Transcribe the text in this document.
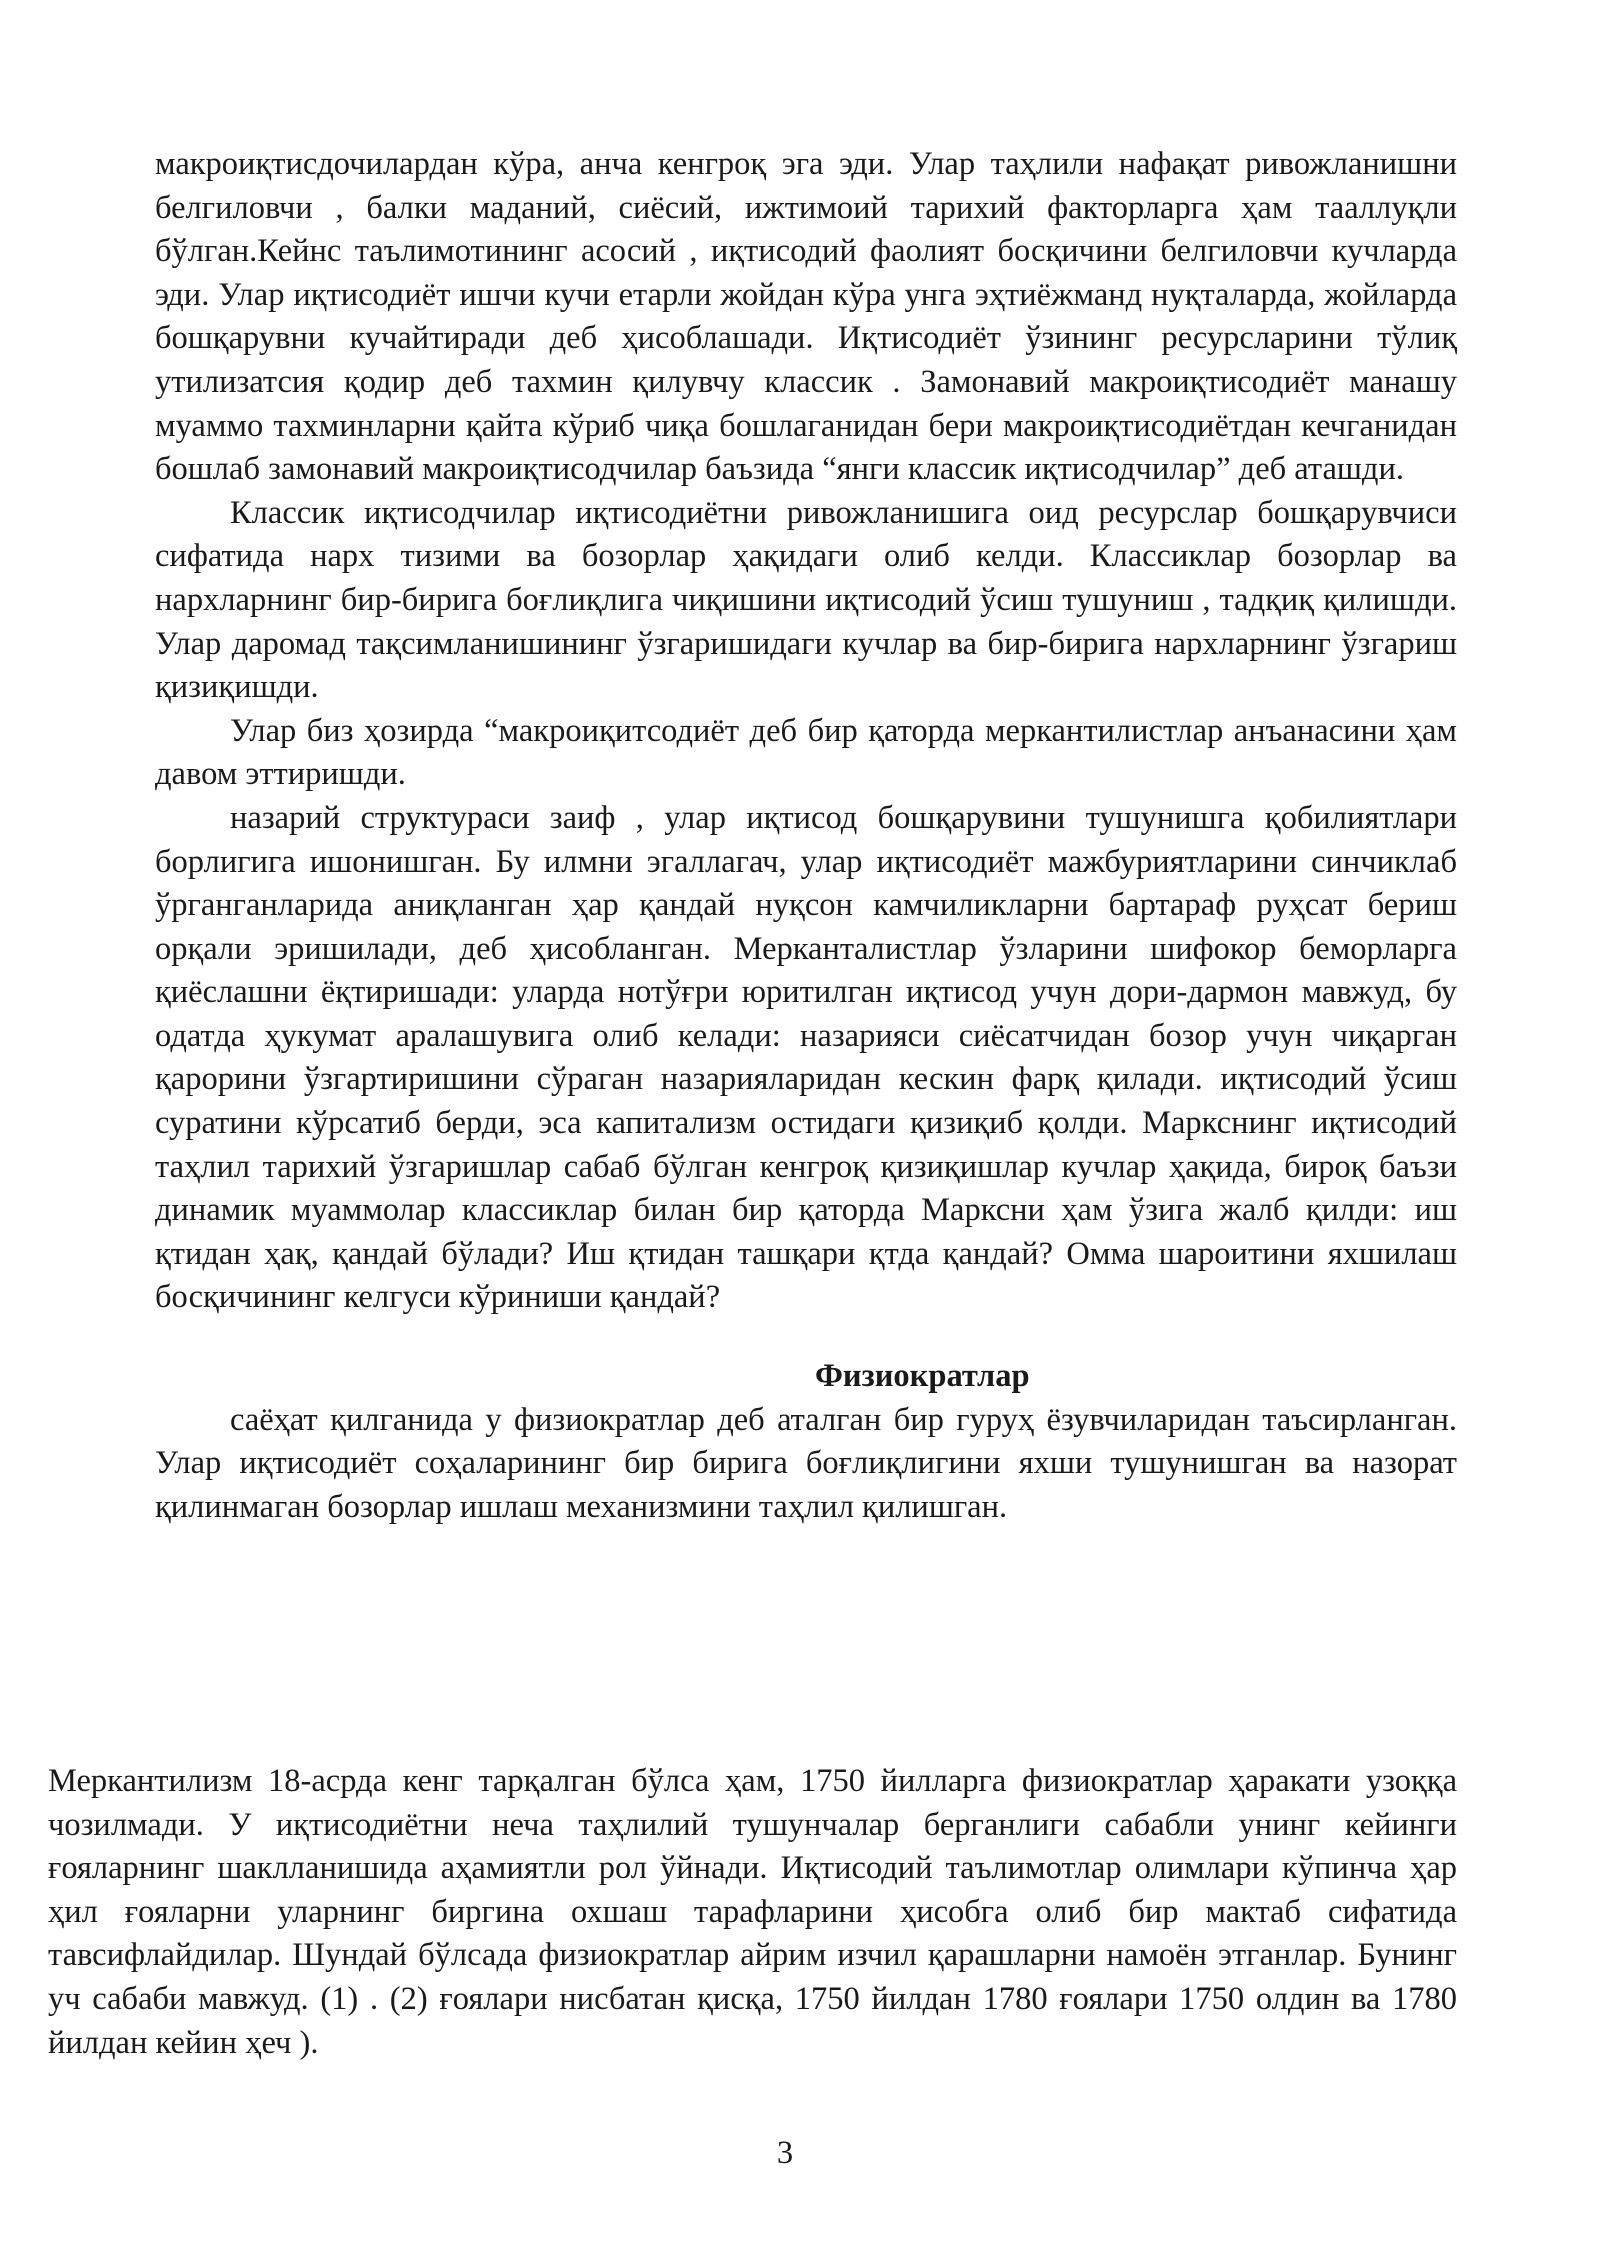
макроиқтисдочилардан кўра, анча кенгроқ эга эди. Улар таҳлили нафақат ривожланишни белгиловчи , балки маданий, сиёсий, ижтимоий тарихий факторларга ҳам тааллуқли бўлган.Кейнс таълимотининг асосий , иқтисодий фаолият босқичини белгиловчи кучларда эди. Улар иқтисодиёт ишчи кучи етарли жойдан кўра унга эҳтиёжманд нуқталарда, жойларда бошқарувни кучайтиради деб ҳисоблашади. Иқтисодиёт ўзининг ресурсларини тўлиқ утилизатсия қодир деб тахмин қилувчу классик . Замонавий макроиқтисодиёт манашу муаммо тахминларни қайта кўриб чиқа бошлаганидан бери макроиқтисодиётдан кечганидан бошлаб замонавий макроиқтисодчилар баъзида “янги классик иқтисодчилар” деб аташди.

Классик иқтисодчилар иқтисодиётни ривожланишига оид ресурслар бошқарувчиси сифатида нарх тизими ва бозорлар ҳақидаги олиб келди. Классиклар бозорлар ва нархларнинг бир-бирига боғлиқлига чиқишини иқтисодий ўсиш тушуниш , тадқиқ қилишди. Улар даромад тақсимланишининг ўзгаришидаги кучлар ва бир-бирига нархларнинг ўзгариш қизиқишди.

Улар биз ҳозирда “макроиқитсодиёт деб бир қаторда меркантилистлар анъанасини ҳам давом эттиришди.

назарий структураси заиф , улар иқтисод бошқарувини тушунишга қобилиятлари борлигига ишонишган. Бу илмни эгаллагач, улар иқтисодиёт мажбуриятларини синчиклаб ўрганганларида аниқланган ҳар қандай нуқсон камчиликларни бартараф руҳсат бериш орқали эришилади, деб ҳисобланган. Меркантaлистлар ўзларини шифокор беморларга қиёслашни ёқтиришади: уларда нотўғри юритилган иқтисод учун дори-дармон мавжуд, бу одатда ҳукумат аралашувига олиб келади: назарияси сиёсатчидан бозор учун чиқарган қарорини ўзгартиришини сўраган назарияларидан кескин фарқ қилади. иқтисодий ўсиш суратини кўрсатиб берди, эса капитализм остидаги қизиқиб қолди. Маркснинг иқтисодий таҳлил тарихий ўзгаришлар сабаб бўлган кенгроқ қизиқишлар кучлар ҳақида, бироқ баъзи динамик муаммолар классиклар билан бир қаторда Марксни ҳам ўзига жалб қилди: иш қтидан ҳақ, қандай бўлади? Иш қтидан ташқари қтда қандай? Омма шароитини яхшилаш босқичининг келгуси кўриниши қандай?

Физиократлар

саёҳат қилганида у физиократлар деб аталган бир гуруҳ ёзувчиларидан таъсирланган. Улар иқтисодиёт соҳаларининг бир бирига боғлиқлигини яхши тушунишган ва назорат қилинмаган бозорлар ишлаш механизмини таҳлил қилишган.

Меркантилизм 18-асрда кенг тарқалган бўлса ҳам, 1750 йилларга физиократлар ҳаракати узоққа чозилмади. У иқтисодиётни неча таҳлилий тушунчалар берганлиги сабабли унинг кейинги ғояларнинг шаклланишида аҳамиятли рол ўйнади. Иқтисодий таълимотлар олимлари кўпинча ҳар ҳил ғояларни уларнинг биргина охшаш тарафларини ҳисобга олиб бир мактаб сифатида тавсифлайдилар. Шундай бўлсада физиократлар айрим изчил қарашларни намоён этганлар. Бунинг уч сабаби мавжуд. (1) . (2) ғоялари нисбатан қисқа, 1750 йилдан 1780 ғоялари 1750 олдин ва 1780 йилдан кейин ҳеч ).

3
